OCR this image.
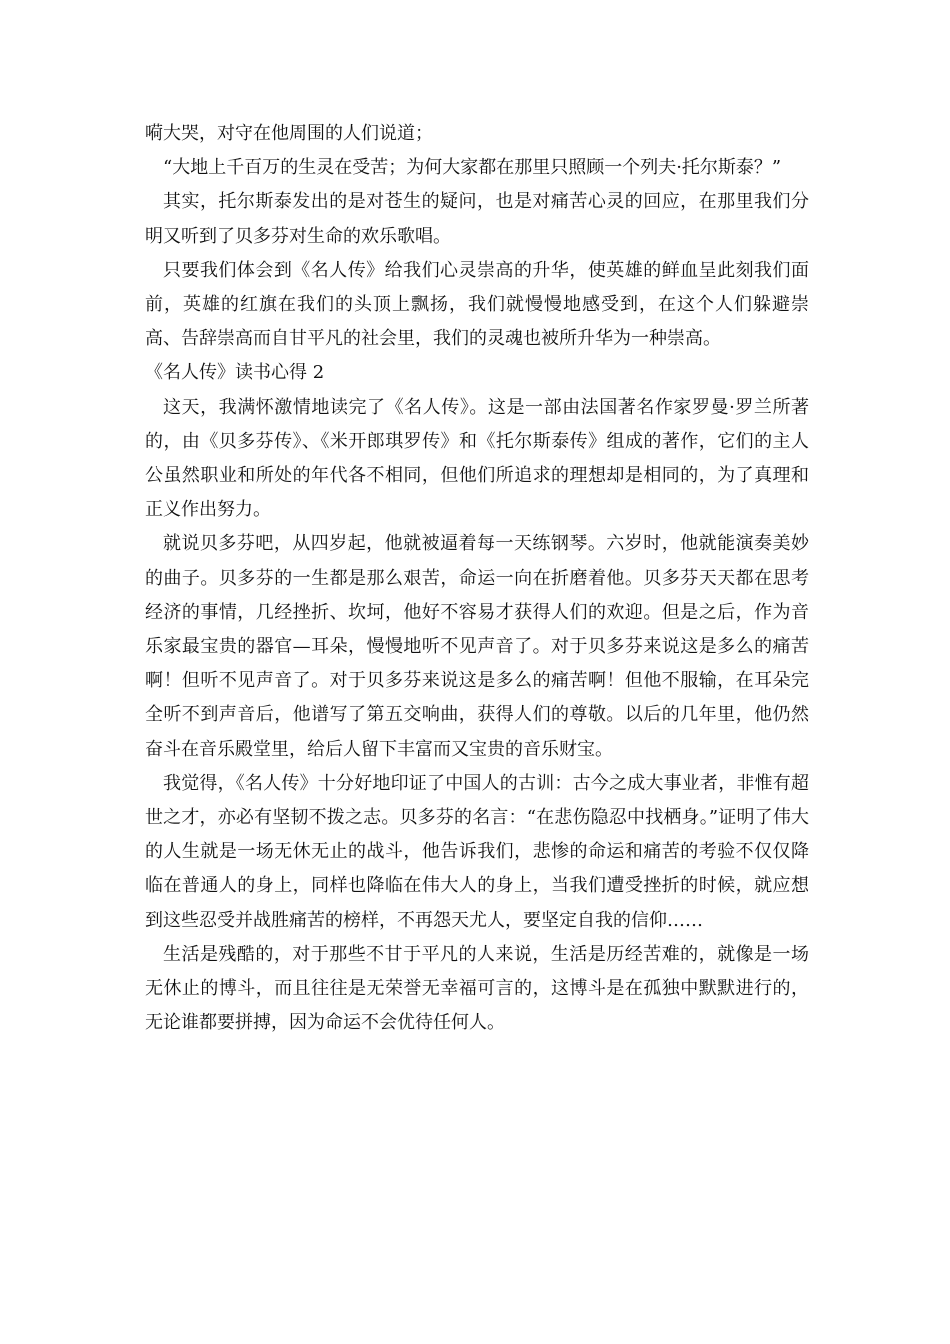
嗬大哭，对守在他周围的人们说道；

“大地上千百万的生灵在受苦；为何大家都在那里只照顾一个列夫·托尔斯泰？”

其实，托尔斯泰发出的是对苍生的疑问，也是对痛苦心灵的回应，在那里我们分明又听到了贝多芬对生命的欢乐歌唱。

只要我们体会到《名人传》给我们心灵崇高的升华，使英雄的鲜血呈此刻我们面前，英雄的红旗在我们的头顶上飘扬，我们就慢慢地感受到，在这个人们躲避崇高、告辞崇高而自甘平凡的社会里，我们的灵魂也被所升华为一种崇高。

《名人传》读书心得 2

这天，我满怀激情地读完了《名人传》。这是一部由法国著名作家罗曼·罗兰所著的，由《贝多芬传》、《米开郎琪罗传》和《托尔斯泰传》组成的著作，它们的主人公虽然职业和所处的年代各不相同，但他们所追求的理想却是相同的，为了真理和正义作出努力。

就说贝多芬吧，从四岁起，他就被逼着每一天练钢琴。六岁时，他就能演奏美妙的曲子。贝多芬的一生都是那么艰苦，命运一向在折磨着他。贝多芬天天都在思考经济的事情，几经挫折、坎坷，他好不容易才获得人们的欢迎。但是之后，作为音乐家最宝贵的器官—耳朵，慢慢地听不见声音了。对于贝多芬来说这是多么的痛苦啊！但听不见声音了。对于贝多芬来说这是多么的痛苦啊！但他不服输，在耳朵完全听不到声音后，他谱写了第五交响曲，获得人们的尊敬。以后的几年里，他仍然奋斗在音乐殿堂里，给后人留下丰富而又宝贵的音乐财宝。

我觉得，《名人传》十分好地印证了中国人的古训：古今之成大事业者，非惟有超世之才，亦必有坚韧不拨之志。贝多芬的名言：“在悲伤隐忍中找栖身。”证明了伟大的人生就是一场无休无止的战斗，他告诉我们，悲惨的命运和痛苦的考验不仅仅降临在普通人的身上，同样也降临在伟大人的身上，当我们遭受挫折的时候，就应想到这些忍受并战胜痛苦的榜样，不再怨天尤人，要坚定自我的信仰……

生活是残酷的，对于那些不甘于平凡的人来说，生活是历经苦难的，就像是一场无休止的博斗，而且往往是无荣誉无幸福可言的，这博斗是在孤独中默默进行的，无论谁都要拼搏，因为命运不会优待任何人。
